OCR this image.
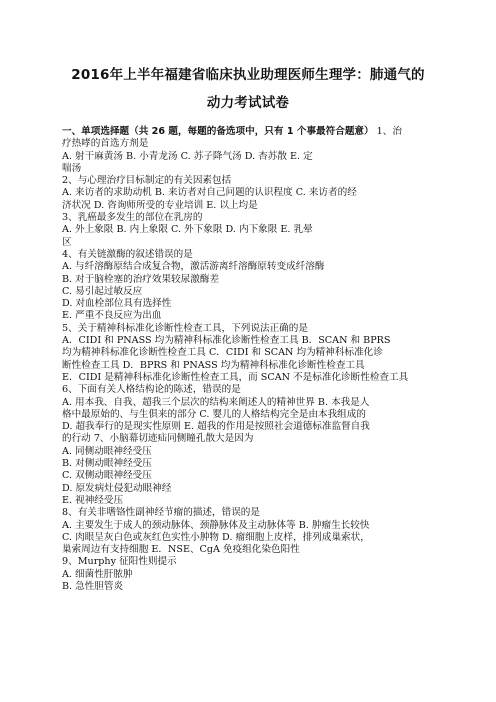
2016年上半年福建省临床执业助理医师生理学：肺通气的
动力考试试卷
一、单项选择题（共 26 题，每题的备选项中，只有 1 个事最符合题意） 1、治
疗热哮的首选方剂是
A. 射干麻黄汤 B. 小青龙汤 C. 苏子降气汤 D. 杏苏散 E. 定
喘汤
2、与心理治疗目标制定的有关因素包括
A. 来访者的求助动机 B. 来访者对自己问题的认识程度 C. 来访者的经
济状况 D. 咨询师所受的专业培训 E. 以上均是
3、乳癌最多发生的部位在乳房的
A. 外上象限 B. 内上象限 C. 外下象限 D. 内下象限 E. 乳晕
区
4、有关链激酶的叙述错误的是
A. 与纤溶酶原结合成复合物，激活游离纤溶酶原转变成纤溶酶
B. 对于脑栓塞的治疗效果较尿激酶差
C. 易引起过敏反应
D. 对血栓部位具有选择性
E. 严重不良反应为出血
5、关于精神科标准化诊断性检查工具，下列说法正确的是
A．CIDI 和 PNASS 均为精神科标准化诊断性检查工具 B．SCAN 和 BPRS
均为精神科标准化诊断性检查工具 C．CIDI 和 SCAN 均为精神科标准化诊
断性检查工具 D．BPRS 和 PNASS 均为精神科标准化诊断性检查工具
E．CIDI 是精神科标准化诊断性检查工具，而 SCAN 不是标准化诊断性检查工具
6、下面有关人格结构论的陈述，错误的是
A. 用本我、自我、超我三个层次的结构来阐述人的精神世界 B. 本我是人
格中最原始的、与生俱来的部分 C. 婴儿的人格结构完全是由本我组成的
D. 超我奉行的是现实性原则 E. 超我的作用是按照社会道德标准监督自我
的行动 7、小脑幕切迹疝同侧瞳孔散大是因为
A. 同侧动眼神经受压
B. 对侧动眼神经受压
C. 双侧动眼神经受压
D. 原发病灶侵犯动眼神经
E. 视神经受压
8、有关非嗜铬性副神经节瘤的描述，错误的是
A. 主要发生于成人的颈动脉体、颈静脉体及主动脉体等 B. 肿瘤生长较快
C. 肉眼呈灰白色或灰红色实性小肿物 D. 瘤细胞上皮样，排列成巢索状，
巢索周边有支持细胞 E．NSE、CgA 免疫组化染色阳性
9、Murphy 征阳性则提示
A. 细菌性肝脓肿
B. 急性胆管炎
